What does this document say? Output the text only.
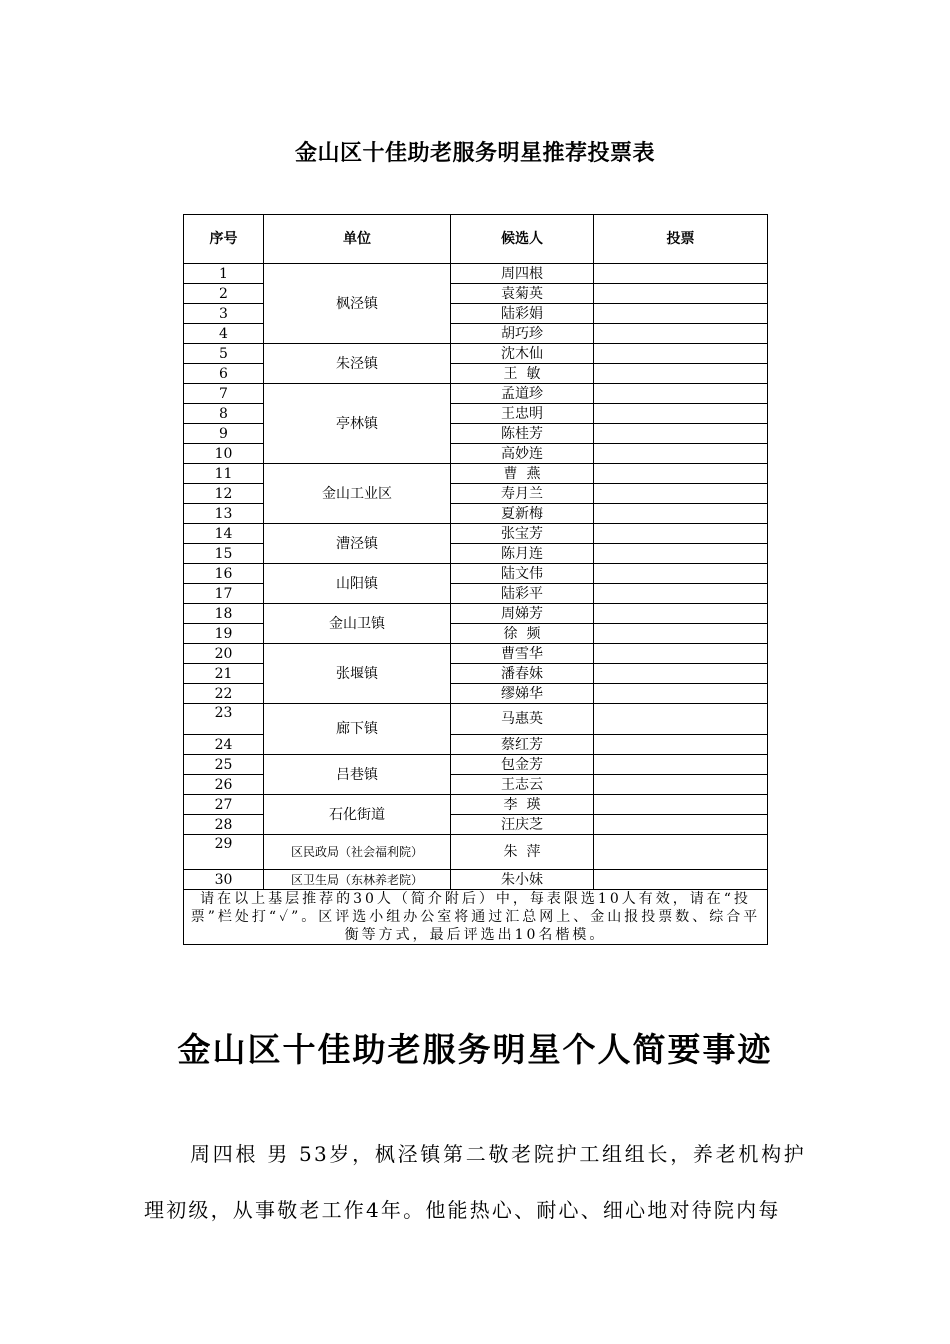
金山区十佳助老服务明星推荐投票表
序号	单位	候选人	投票
1	枫泾镇	周四根	
2		袁菊英	
3		陆彩娟	
4		胡巧珍	
5	朱泾镇	沈木仙	
6		王  敏	
7	亭林镇	孟道珍	
8		王忠明	
9		陈桂芳	
10		高妙连	
11	金山工业区	曹  燕	
12		寿月兰	
13		夏新梅	
14	漕泾镇	张宝芳	
15		陈月连	
16	山阳镇	陆文伟	
17		陆彩平	
18	金山卫镇	周娣芳	
19		徐  频	
20	张堰镇	曹雪华	
21		潘春妹	
22		缪娣华	
23	廊下镇	马惠英	
24		蔡红芳	
25	吕巷镇	包金芳	
26		王志云	
27	石化街道	李  瑛	
28		汪庆芝	
29	区民政局（社会福利院）	朱  萍	
30	区卫生局（东林养老院）	朱小妹	
请在以上基层推荐的30人（简介附后）中，每表限选10人有效，请在“投票”栏处打“✓”。区评选小组办公室将通过汇总网上、金山报投票数、综合平衡等方式，最后评选出10名楷模。			
金山区十佳助老服务明星个人简要事迹
周四根 男 53岁，枫泾镇第二敬老院护工组组长，养老机构护理初级，从事敬老工作4年。他能热心、耐心、细心地对待院内每
